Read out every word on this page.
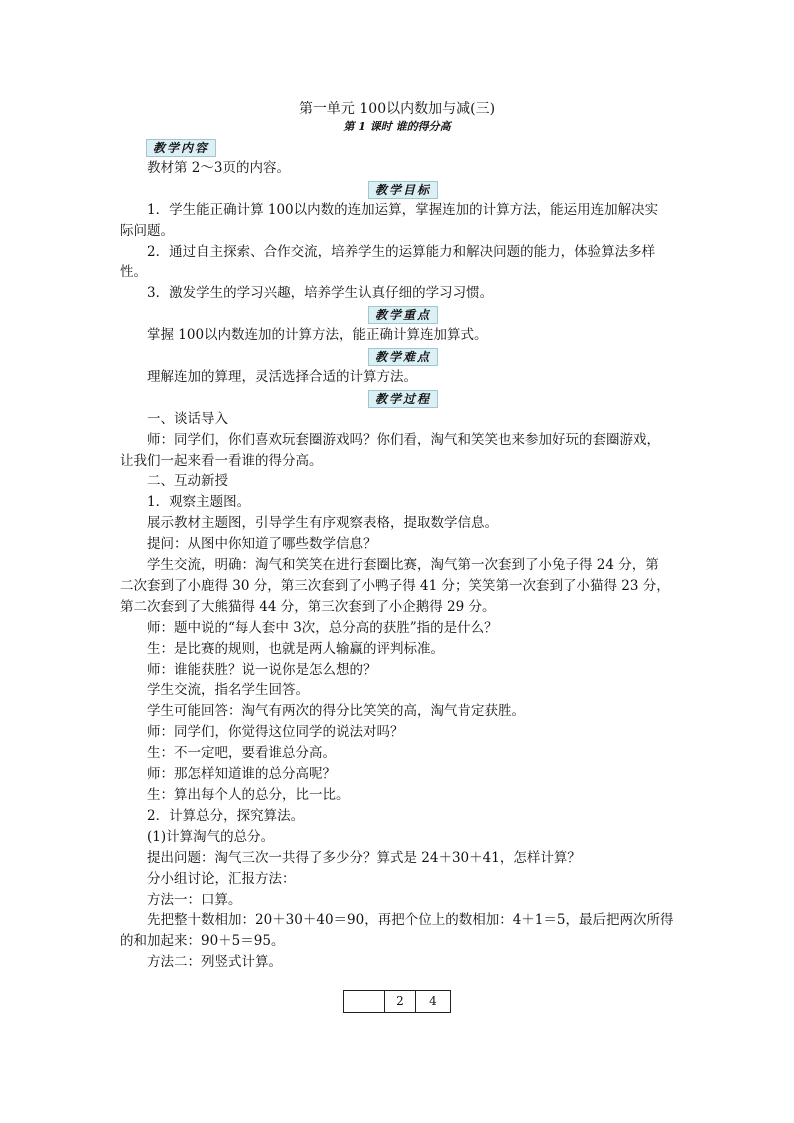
第一单元 100以内数加与减(三)
第 1 课时 谁的得分高
教学内容

教材第 2～3页的内容。

教学目标

1．学生能正确计算 100以内数的连加运算，掌握连加的计算方法，能运用连加解决实

际问题。

2．通过自主探索、合作交流，培养学生的运算能力和解决问题的能力，体验算法多样

性。

3．激发学生的学习兴趣，培养学生认真仔细的学习习惯。

教学重点

掌握 100以内数连加的计算方法，能正确计算连加算式。

教学难点

理解连加的算理，灵活选择合适的计算方法。

教学过程

一、谈话导入

师：同学们，你们喜欢玩套圈游戏吗？你们看，淘气和笑笑也来参加好玩的套圈游戏，

让我们一起来看一看谁的得分高。

二、互动新授

1．观察主题图。

展示教材主题图，引导学生有序观察表格，提取数学信息。

提问：从图中你知道了哪些数学信息？

学生交流，明确：淘气和笑笑在进行套圈比赛，淘气第一次套到了小兔子得 24 分，第

二次套到了小鹿得 30 分，第三次套到了小鸭子得 41 分；笑笑第一次套到了小猫得 23 分，

第二次套到了大熊猫得 44 分，第三次套到了小企鹅得 29 分。

师：题中说的“每人套中 3次，总分高的获胜”指的是什么？

生：是比赛的规则，也就是两人输赢的评判标准。

师：谁能获胜？说一说你是怎么想的？

学生交流，指名学生回答。

学生可能回答：淘气有两次的得分比笑笑的高，淘气肯定获胜。

师：同学们，你觉得这位同学的说法对吗？

生：不一定吧，要看谁总分高。

师：那怎样知道谁的总分高呢？

生：算出每个人的总分，比一比。

2．计算总分，探究算法。

(1)计算淘气的总分。

提出问题：淘气三次一共得了多少分？算式是 24＋30＋41，怎样计算？

分小组讨论，汇报方法：

方法一：口算。

先把整十数相加：20＋30＋40＝90，再把个位上的数相加：4＋1＝5，最后把两次所得

的和加起来：90＋5＝95。

方法二：列竖式计算。

2	4
